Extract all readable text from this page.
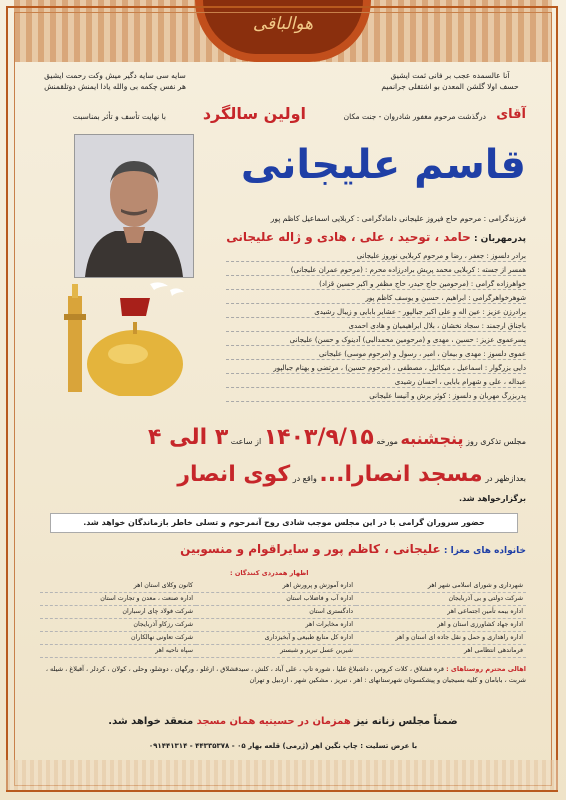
هوالباقی
آنا عالسمده عجب بر فانی ثمت ایشیق
حسف اولا گلشن المعدن بو اشتقلی جرانمیم
سایه سی سایه دگیر میش وکت رحمت ایشیق
هر نفس چکمه بی والله یادا ایمنش دوتلقمنش
با نهایت تأسف و تأثر بمناسبت اولین سالگرد	درگذشت مرحوم مغفور شادروان - جنت مکان آقای
قاسم علیجانی
فرزندگرامی : مرحوم حاج فیروز علیجانی دامادگرامی : کربلایی اسماعیل کاظم پور
پدرمهربان : حامد ، توحید ، علی ، هادی و ژاله علیجانی
برادر دلسوز : جعفر ، رضا و مرحوم کربلایی نوروز علیجانی
همسر از جسته : کربلایی محمد پریش برادرزاده محرم : (مرحوم عمران علیجانی)
خواهرزاده گرامی : (مرحومین حاج حیدر، حاج مظفر و اکبر حسین قزاد)
شوهرخواهرگرامی : ابراهیم ، حسین و یوسف کاظم پور
برادرزن عزیز : عین اله و علی اکبر جبالپور - عشایر بابایی و زیبال رشیدی
باجناق ارجمند : سجاد نخشان ، بلال ابراهیمیان و هادی احمدی
پسرعموی عزیز : حسین ، مهدی و (مرحومین محمدالبی) آدینوک و حسن) علیجانی
عموی دلسوز : مهدی و بیمان ، امیر ، رسول و (مرحوم موسی) علیجانی
دایی بزرگوار : اسماعیل ، میکائیل ، مصطفی ، (مرحوم حسین) ، مرتضی و بهنام جبالپور
عبداله ، علی و شهرام بابایی ، احسان رشیدی
پدربزرگ مهربان و دلسوز : کوثر برش و آنیسا علیجانی
مجلس تذکری روز پنجشنبه مورخه ۱۴۰۳/۹/۱۵ از ساعت ۳ الی ۴
بعدازظهر در مسجد انصارا... واقع در کوی انصار
برگزارخواهد شد.
حضور سروران گرامی با در این مجلس موجب شادی روح آنمرحوم و تسلی خاطر بازماندگان خواهد شد.
خانواده های معزا : علیجانی ، کاظم پور و سایراقوام و منسوبین
اظهار همدردی کنندگان :
شهرداری و شورای اسلامی شهر اهر
اداره آموزش و پرورش اهر
کانون وکلای استان اهر
شرکت دولتی و بی آذربایجان
اداره آب و فاضلاب استان
اداره صنعت ، معدن و تجارت استان
اداره بیمه تأمین اجتماعی اهر
دادگستری استان
شرکت فولاد چای ارسباران
اداره جهاد کشاورزی استان و اهر
اداره مخابرات اهر
شرکت رزکاو آذربایجان
اداره راهداری و حمل و نقل جاده ای استان و اهر
اداره کل منابع طبیعی و آبخیزداری
شرکت تعاونی نهالکاران
فرماندهی انتظامی اهر
شیرین عسل تبریز و شبستر
سپاه ناحیه اهر
اهالی محترم روستاهای : قره قشلاق ، کلات کروس ، داشبلاغ علیا ، شوره تاپ ، علی آباد ، کلش ، سیدقشلاق ، ازغلو ، ورگهان ، دوشلو، وحلی ، کولان ، کردلر ، آقبلاغ ، شیله ، شربت ، بابامان و کلیه بسیجیان و پیشکسوتان شهرستانهای : اهر ، تبریز ، مشکین شهر ، اردبیل و تهران
ضمناً مجلس زنانه نیز همزمان در حسینیه همان مسجد منعقد خواهد شد.
با عرض تسلیت : چاپ نگین اهر (ژرمی) قلعه بهار ۰۵ - ۴۴۳۳۵۳۷۸ - ۰۹۱۴۴۱۳۱۴
